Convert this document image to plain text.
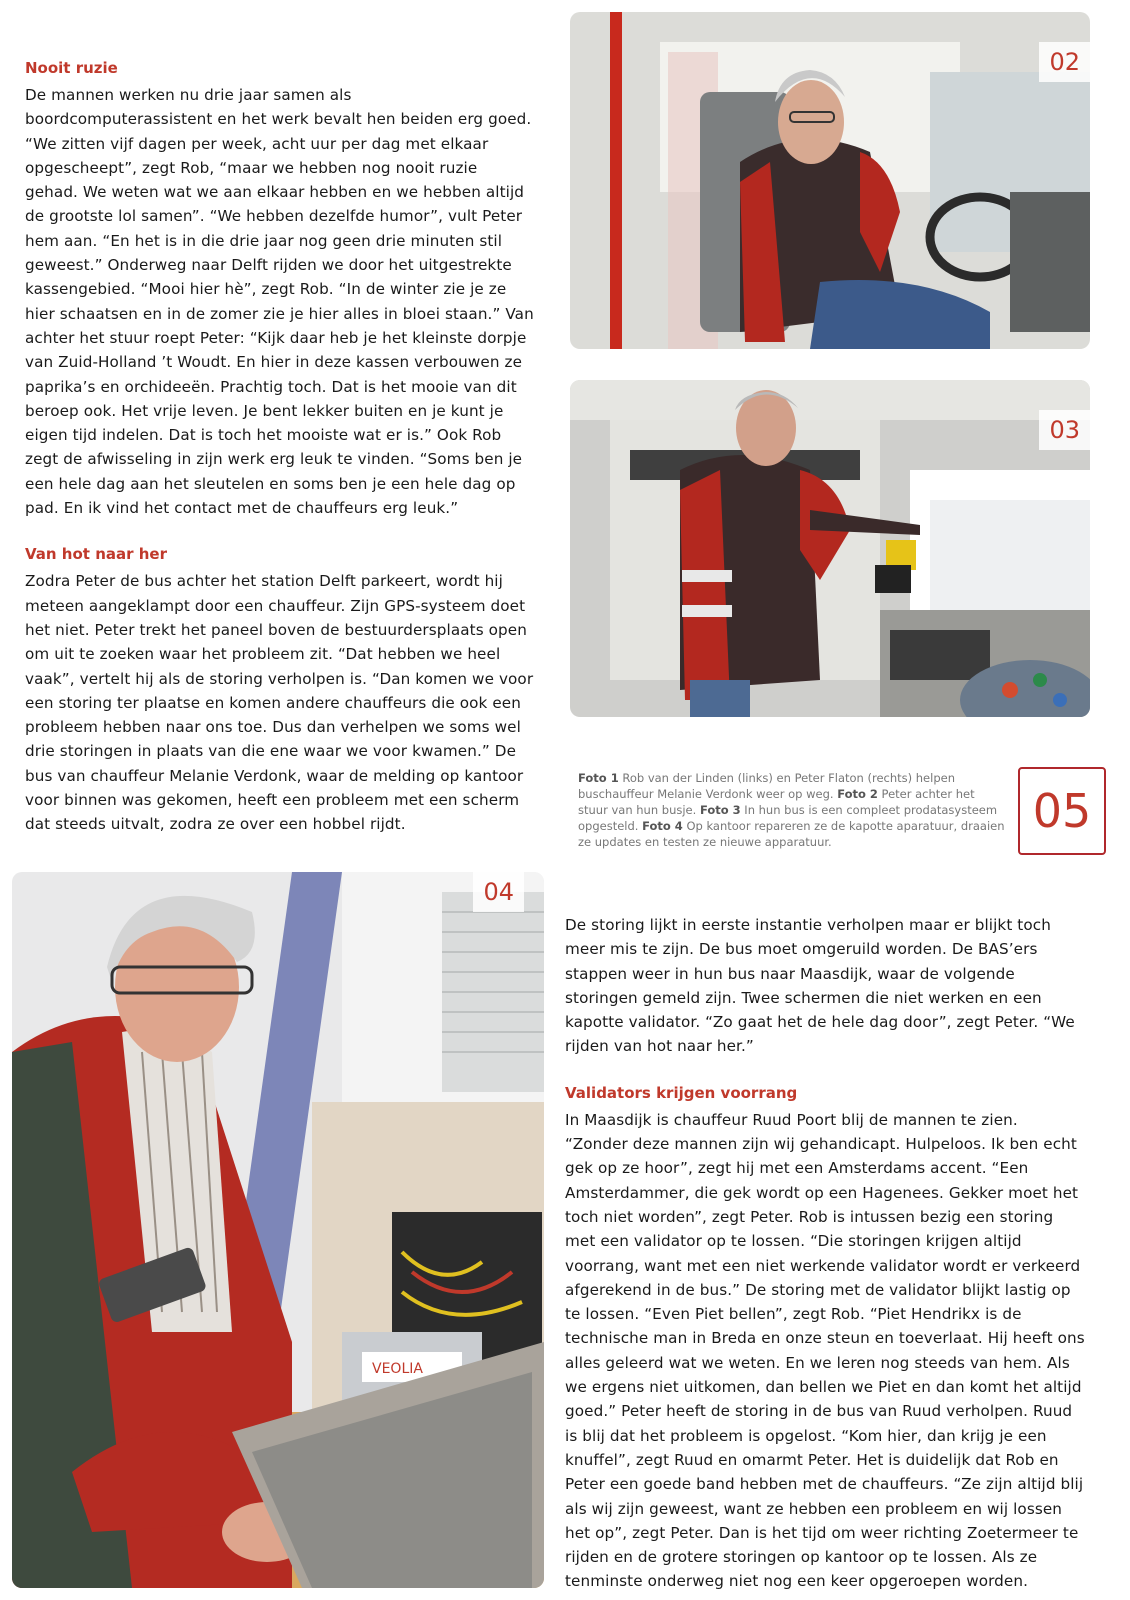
Nooit ruzie

De mannen werken nu drie jaar samen als boordcomputerassistent en het werk bevalt hen beiden erg goed. “We zitten vijf dagen per week, acht uur per dag met elkaar opgescheept”, zegt Rob, “maar we hebben nog nooit ruzie gehad. We weten wat we aan elkaar hebben en we hebben altijd de grootste lol samen”. “We hebben dezelfde humor”, vult Peter hem aan. “En het is in die drie jaar nog geen drie minuten stil geweest.” Onderweg naar Delft rijden we door het uitgestrekte kassengebied. “Mooi hier hè”, zegt Rob. “In de winter zie je ze hier schaatsen en in de zomer zie je hier alles in bloei staan.” Van achter het stuur roept Peter: “Kijk daar heb je het kleinste dorpje van Zuid-Holland ’t Woudt. En hier in deze kassen verbouwen ze paprika’s en orchideeën. Prachtig toch. Dat is het mooie van dit beroep ook. Het vrije leven. Je bent lekker buiten en je kunt je eigen tijd indelen. Dat is toch het mooiste wat er is.” Ook Rob zegt de afwisseling in zijn werk erg leuk te vinden. “Soms ben je een hele dag aan het sleutelen en soms ben je een hele dag op pad. En ik vind het contact met de chauffeurs erg leuk.”

Van hot naar her

Zodra Peter de bus achter het station Delft parkeert, wordt hij meteen aangeklampt door een chauffeur. Zijn GPS-systeem doet het niet. Peter trekt het paneel boven de bestuurdersplaats open om uit te zoeken waar het probleem zit. “Dat hebben we heel vaak”, vertelt hij als de storing verholpen is. “Dan komen we voor een storing ter plaatse en komen andere chauffeurs die ook een probleem hebben naar ons toe. Dus dan verhelpen we soms wel drie storingen in plaats van die ene waar we voor kwamen.” De bus van chauffeur Melanie Verdonk, waar de melding op kantoor voor binnen was gekomen, heeft een probleem met een scherm dat steeds uitvalt, zodra ze over een hobbel rijdt.

02
03
Foto 1 Rob van der Linden (links) en Peter Flaton (rechts) helpen buschauffeur Melanie Verdonk weer op weg. Foto 2 Peter achter het stuur van hun busje. Foto 3 In hun bus is een compleet prodatasysteem opgesteld. Foto 4 Op kantoor repareren ze de kapotte aparatuur, draaien ze updates en testen ze nieuwe apparatuur.
05
VEOLIA
04

De storing lijkt in eerste instantie verholpen maar er blijkt toch meer mis te zijn. De bus moet omgeruild worden. De BAS’ers stappen weer in hun bus naar Maasdijk, waar de volgende storingen gemeld zijn. Twee schermen die niet werken en een kapotte validator. “Zo gaat het de hele dag door”, zegt Peter. “We rijden van hot naar her.”

Validators krijgen voorrang

In Maasdijk is chauffeur Ruud Poort blij de mannen te zien. “Zonder deze mannen zijn wij gehandicapt. Hulpeloos. Ik ben echt gek op ze hoor”, zegt hij met een Amsterdams accent. “Een Amsterdammer, die gek wordt op een Hagenees. Gekker moet het toch niet worden”, zegt Peter. Rob is intussen bezig een storing met een validator op te lossen. “Die storingen krijgen altijd voorrang, want met een niet werkende validator wordt er verkeerd afgerekend in de bus.” De storing met de validator blijkt lastig op te lossen. “Even Piet bellen”, zegt Rob. “Piet Hendrikx is de technische man in Breda en onze steun en toeverlaat. Hij heeft ons alles geleerd wat we weten. En we leren nog steeds van hem. Als we ergens niet uitkomen, dan bellen we Piet en dan komt het altijd goed.” Peter heeft de storing in de bus van Ruud verholpen. Ruud is blij dat het probleem is opgelost. “Kom hier, dan krijg je een knuffel”, zegt Ruud en omarmt Peter. Het is duidelijk dat Rob en Peter een goede band hebben met de chauffeurs. “Ze zijn altijd blij als wij zijn geweest, want ze hebben een probleem en wij lossen het op”, zegt Peter. Dan is het tijd om weer richting Zoetermeer te rijden en de grotere storingen op kantoor op te lossen. Als ze tenminste onderweg niet nog een keer opgeroepen worden.
